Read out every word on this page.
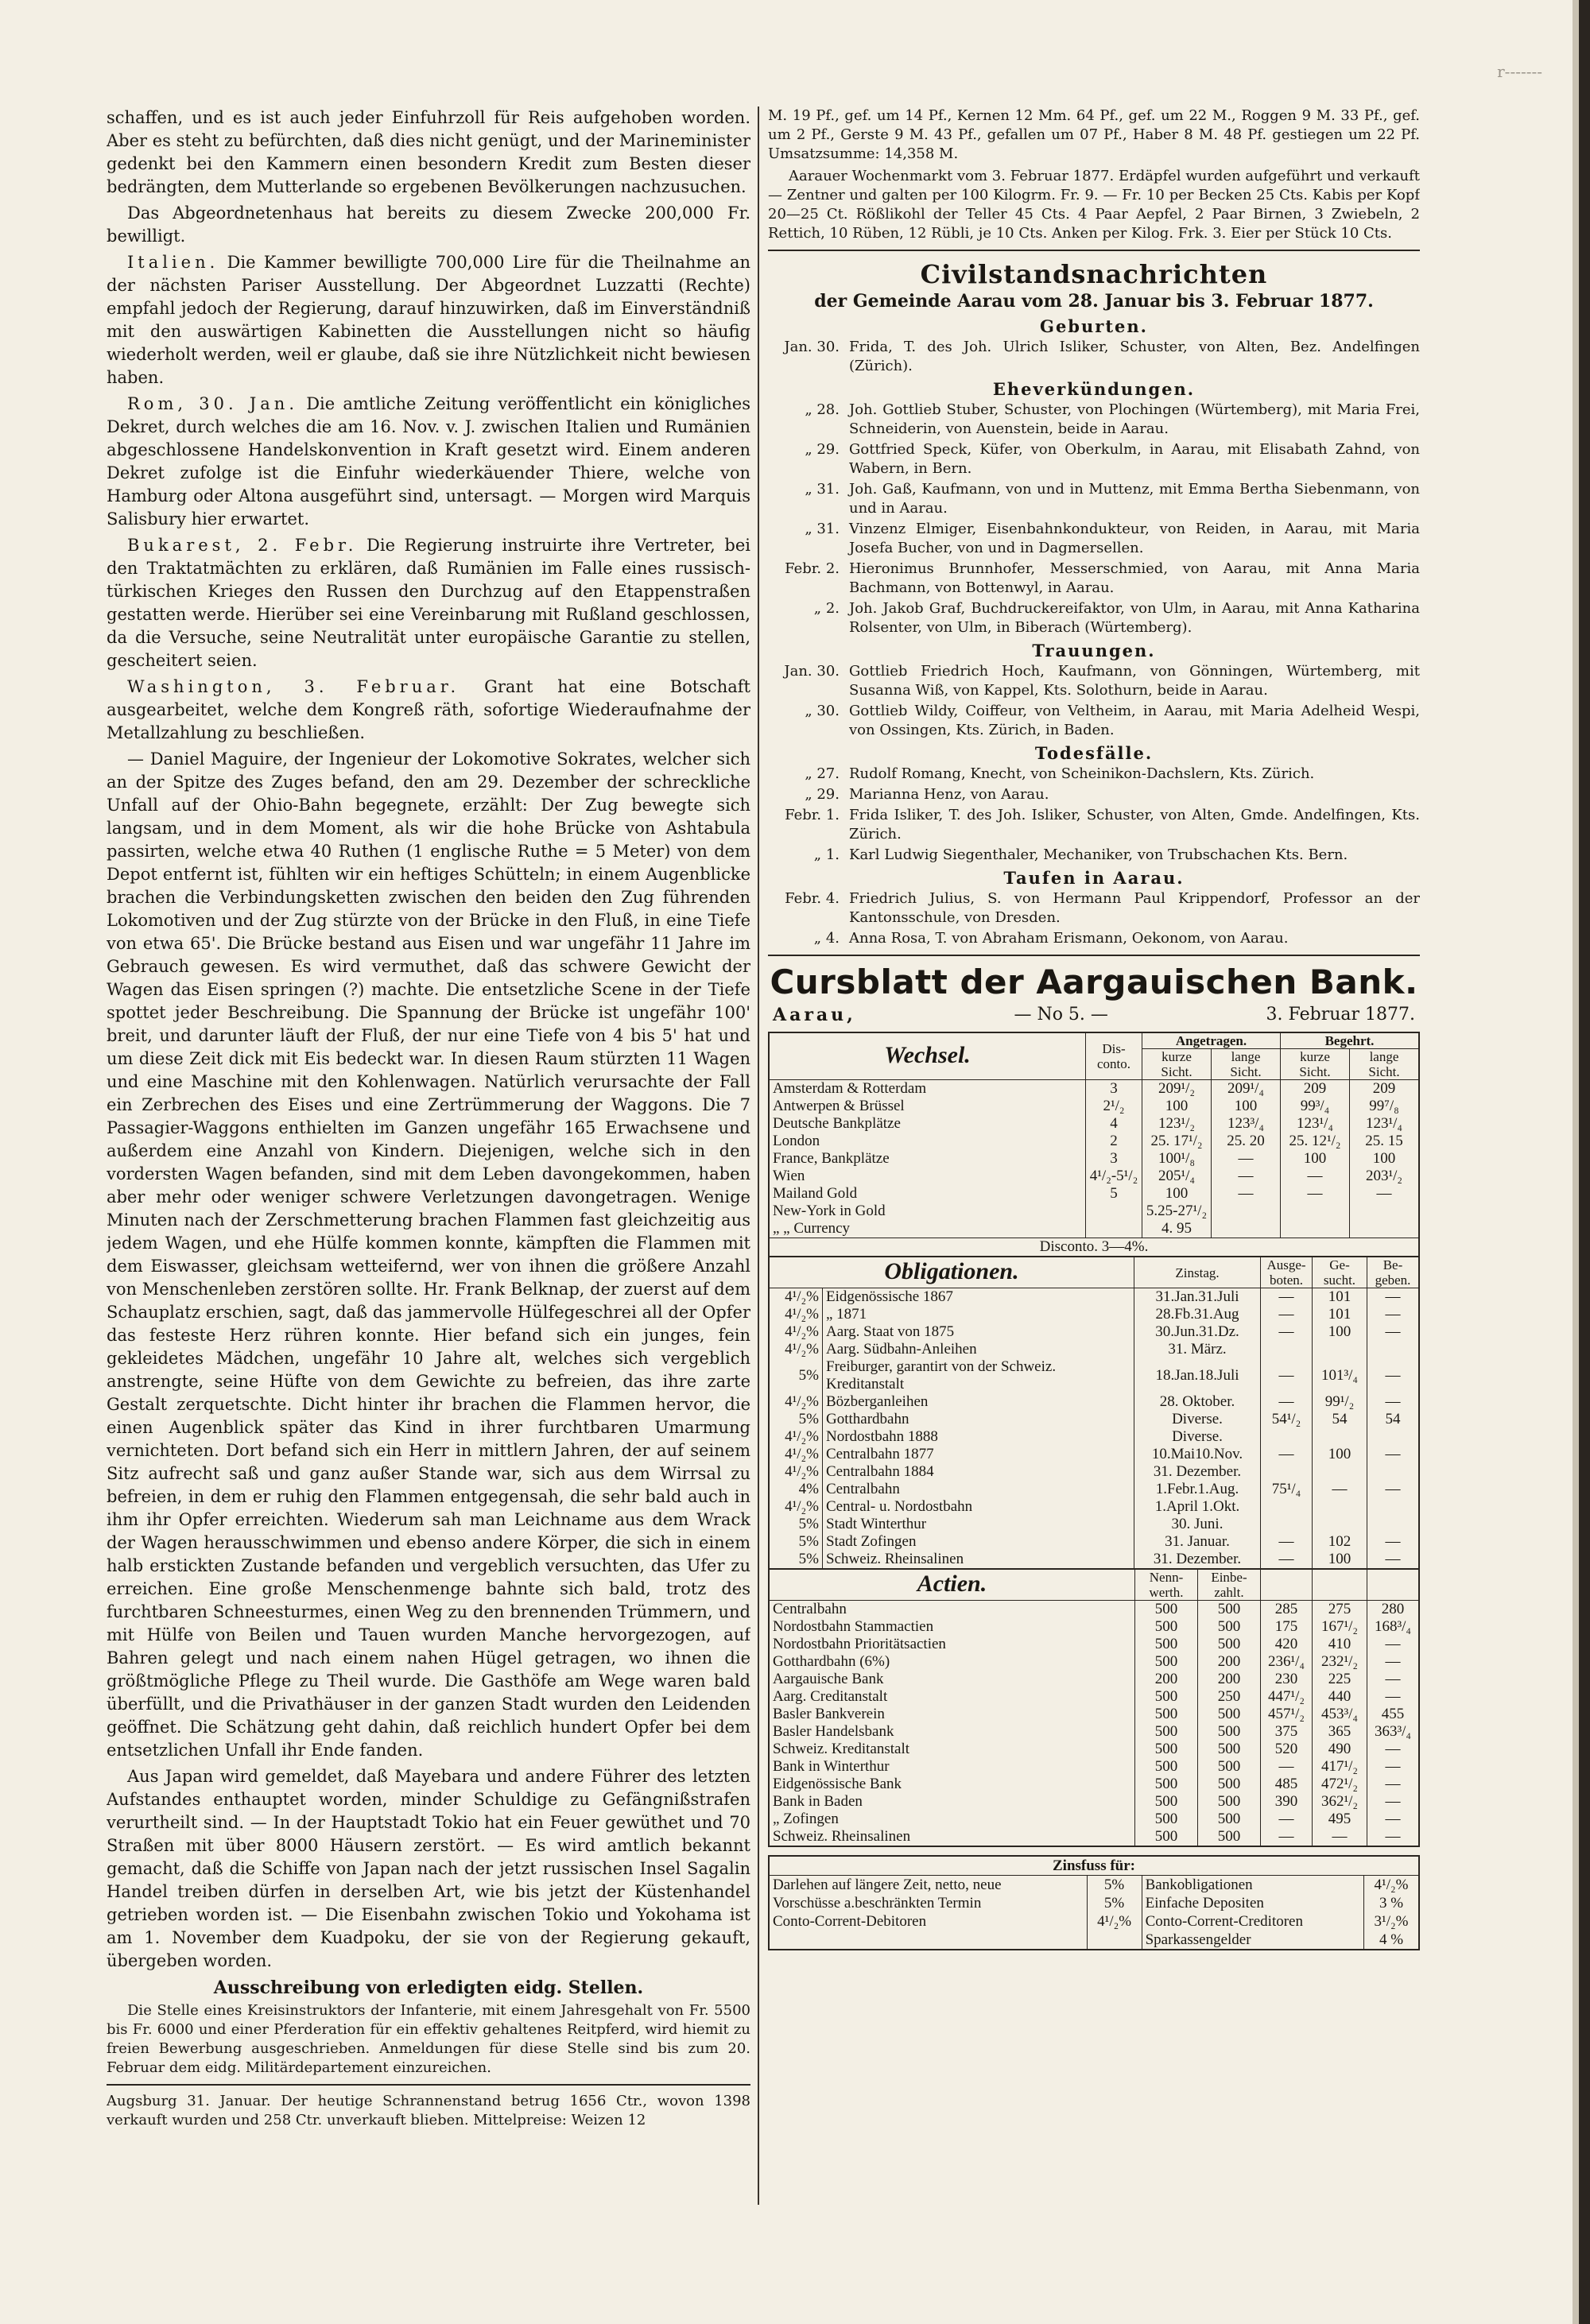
r-------

schaffen, und es ist auch jeder Einfuhrzoll für Reis aufgehoben worden. Aber es steht zu befürchten, daß dies nicht genügt, und der Marineminister gedenkt bei den Kammern einen besondern Kredit zum Besten dieser bedrängten, dem Mutterlande so ergebenen Bevölkerungen nachzusuchen.

Das Abgeordnetenhaus hat bereits zu diesem Zwecke 200,000 Fr. bewilligt.

Italien. Die Kammer bewilligte 700,000 Lire für die Theilnahme an der nächsten Pariser Ausstellung. Der Abgeordnet Luzzatti (Rechte) empfahl jedoch der Regierung, darauf hinzuwirken, daß im Einverständniß mit den auswärtigen Kabinetten die Ausstellungen nicht so häufig wiederholt werden, weil er glaube, daß sie ihre Nützlichkeit nicht bewiesen haben.

Rom, 30. Jan. Die amtliche Zeitung veröffentlicht ein königliches Dekret, durch welches die am 16. Nov. v. J. zwischen Italien und Rumänien abgeschlossene Handelskonvention in Kraft gesetzt wird. Einem anderen Dekret zufolge ist die Einfuhr wiederkäuender Thiere, welche von Hamburg oder Altona ausgeführt sind, untersagt. — Morgen wird Marquis Salisbury hier erwartet.

Bukarest, 2. Febr. Die Regierung instruirte ihre Vertreter, bei den Traktatmächten zu erklären, daß Rumänien im Falle eines russisch-türkischen Krieges den Russen den Durchzug auf den Etappenstraßen gestatten werde. Hierüber sei eine Vereinbarung mit Rußland geschlossen, da die Versuche, seine Neutralität unter europäische Garantie zu stellen, gescheitert seien.

Washington, 3. Februar. Grant hat eine Botschaft ausgearbeitet, welche dem Kongreß räth, sofortige Wiederaufnahme der Metallzahlung zu beschließen.

— Daniel Maguire, der Ingenieur der Lokomotive Sokrates, welcher sich an der Spitze des Zuges befand, den am 29. Dezember der schreckliche Unfall auf der Ohio-Bahn begegnete, erzählt: Der Zug bewegte sich langsam, und in dem Moment, als wir die hohe Brücke von Ashtabula passirten, welche etwa 40 Ruthen (1 englische Ruthe = 5 Meter) von dem Depot entfernt ist, fühlten wir ein heftiges Schütteln; in einem Augenblicke brachen die Verbindungsketten zwischen den beiden den Zug führenden Lokomotiven und der Zug stürzte von der Brücke in den Fluß, in eine Tiefe von etwa 65'. Die Brücke bestand aus Eisen und war ungefähr 11 Jahre im Gebrauch gewesen. Es wird vermuthet, daß das schwere Gewicht der Wagen das Eisen springen (?) machte. Die entsetzliche Scene in der Tiefe spottet jeder Beschreibung. Die Spannung der Brücke ist ungefähr 100' breit, und darunter läuft der Fluß, der nur eine Tiefe von 4 bis 5' hat und um diese Zeit dick mit Eis bedeckt war. In diesen Raum stürzten 11 Wagen und eine Maschine mit den Kohlenwagen. Natürlich verursachte der Fall ein Zerbrechen des Eises und eine Zertrümmerung der Waggons. Die 7 Passagier-Waggons enthielten im Ganzen ungefähr 165 Erwachsene und außerdem eine Anzahl von Kindern. Diejenigen, welche sich in den vordersten Wagen befanden, sind mit dem Leben davongekommen, haben aber mehr oder weniger schwere Verletzungen davongetragen. Wenige Minuten nach der Zerschmetterung brachen Flammen fast gleichzeitig aus jedem Wagen, und ehe Hülfe kommen konnte, kämpften die Flammen mit dem Eiswasser, gleichsam wetteifernd, wer von ihnen die größere Anzahl von Menschenleben zerstören sollte. Hr. Frank Belknap, der zuerst auf dem Schauplatz erschien, sagt, daß das jammervolle Hülfegeschrei all der Opfer das festeste Herz rühren konnte. Hier befand sich ein junges, fein gekleidetes Mädchen, ungefähr 10 Jahre alt, welches sich vergeblich anstrengte, seine Hüfte von dem Gewichte zu befreien, das ihre zarte Gestalt zerquetschte. Dicht hinter ihr brachen die Flammen hervor, die einen Augenblick später das Kind in ihrer furchtbaren Umarmung vernichteten. Dort befand sich ein Herr in mittlern Jahren, der auf seinem Sitz aufrecht saß und ganz außer Stande war, sich aus dem Wirrsal zu befreien, in dem er ruhig den Flammen entgegensah, die sehr bald auch in ihm ihr Opfer erreichten. Wiederum sah man Leichname aus dem Wrack der Wagen herausschwimmen und ebenso andere Körper, die sich in einem halb erstickten Zustande befanden und vergeblich versuchten, das Ufer zu erreichen. Eine große Menschenmenge bahnte sich bald, trotz des furchtbaren Schneesturmes, einen Weg zu den brennenden Trümmern, und mit Hülfe von Beilen und Tauen wurden Manche hervorgezogen, auf Bahren gelegt und nach einem nahen Hügel getragen, wo ihnen die größtmögliche Pflege zu Theil wurde. Die Gasthöfe am Wege waren bald überfüllt, und die Privathäuser in der ganzen Stadt wurden den Leidenden geöffnet. Die Schätzung geht dahin, daß reichlich hundert Opfer bei dem entsetzlichen Unfall ihr Ende fanden.

Aus Japan wird gemeldet, daß Mayebara und andere Führer des letzten Aufstandes enthauptet worden, minder Schuldige zu Gefängnißstrafen verurtheilt sind. — In der Hauptstadt Tokio hat ein Feuer gewüthet und 70 Straßen mit über 8000 Häusern zerstört. — Es wird amtlich bekannt gemacht, daß die Schiffe von Japan nach der jetzt russischen Insel Sagalin Handel treiben dürfen in derselben Art, wie bis jetzt der Küstenhandel getrieben worden ist. — Die Eisenbahn zwischen Tokio und Yokohama ist am 1. November dem Kuadpoku, der sie von der Regierung gekauft, übergeben worden.

Ausschreibung von erledigten eidg. Stellen.

Die Stelle eines Kreisinstruktors der Infanterie, mit einem Jahresgehalt von Fr. 5500 bis Fr. 6000 und einer Pferderation für ein effektiv gehaltenes Reitpferd, wird hiemit zu freien Bewerbung ausgeschrieben. Anmeldungen für diese Stelle sind bis zum 20. Februar dem eidg. Militärdepartement einzureichen.

Augsburg 31. Januar. Der heutige Schrannenstand betrug 1656 Ctr., wovon 1398 verkauft wurden und 258 Ctr. unverkauft blieben. Mittelpreise: Weizen 12

M. 19 Pf., gef. um 14 Pf., Kernen 12 Mm. 64 Pf., gef. um 22 M., Roggen 9 M. 33 Pf., gef. um 2 Pf., Gerste 9 M. 43 Pf., gefallen um 07 Pf., Haber 8 M. 48 Pf. gestiegen um 22 Pf. Umsatzsumme: 14,358 M.

Aarauer Wochenmarkt vom 3. Februar 1877. Erdäpfel wurden aufgeführt und verkauft — Zentner und galten per 100 Kilogrm. Fr. 9. — Fr. 10 per Becken 25 Cts. Kabis per Kopf 20—25 Ct. Rößlikohl der Teller 45 Cts. 4 Paar Aepfel, 2 Paar Birnen, 3 Zwiebeln, 2 Rettich, 10 Rüben, 12 Rübli, je 10 Cts. Anken per Kilog. Frk. 3. Eier per Stück 10 Cts.

Civilstandsnachrichten
der Gemeinde Aarau vom 28. Januar bis 3. Februar 1877.
Geburten.
Jan. 30. Frida, T. des Joh. Ulrich Isliker, Schuster, von Alten, Bez. Andelfingen (Zürich).
Eheverkündungen.
„ 28. Joh. Gottlieb Stuber, Schuster, von Plochingen (Würtemberg), mit Maria Frei, Schneiderin, von Auenstein, beide in Aarau.
„ 29. Gottfried Speck, Küfer, von Oberkulm, in Aarau, mit Elisabath Zahnd, von Wabern, in Bern.
„ 31. Joh. Gaß, Kaufmann, von und in Muttenz, mit Emma Bertha Siebenmann, von und in Aarau.
„ 31. Vinzenz Elmiger, Eisenbahnkondukteur, von Reiden, in Aarau, mit Maria Josefa Bucher, von und in Dagmersellen.
Febr. 2. Hieronimus Brunnhofer, Messerschmied, von Aarau, mit Anna Maria Bachmann, von Bottenwyl, in Aarau.
„ 2. Joh. Jakob Graf, Buchdruckereifaktor, von Ulm, in Aarau, mit Anna Katharina Rolsenter, von Ulm, in Biberach (Würtemberg).
Trauungen.
Jan. 30. Gottlieb Friedrich Hoch, Kaufmann, von Gönningen, Würtemberg, mit Susanna Wiß, von Kappel, Kts. Solothurn, beide in Aarau.
„ 30. Gottlieb Wildy, Coiffeur, von Veltheim, in Aarau, mit Maria Adelheid Wespi, von Ossingen, Kts. Zürich, in Baden.
Todesfälle.
„ 27. Rudolf Romang, Knecht, von Scheinikon-Dachslern, Kts. Zürich.
„ 29. Marianna Henz, von Aarau.
Febr. 1. Frida Isliker, T. des Joh. Isliker, Schuster, von Alten, Gmde. Andelfingen, Kts. Zürich.
„ 1. Karl Ludwig Siegenthaler, Mechaniker, von Trubschachen Kts. Bern.
Taufen in Aarau.
Febr. 4. Friedrich Julius, S. von Hermann Paul Krippendorf, Professor an der Kantonsschule, von Dresden.
„ 4. Anna Rosa, T. von Abraham Erismann, Oekonom, von Aarau.
Cursblatt der Aargauischen Bank.
Aarau,	— No 5. —	3. Februar 1877.
Wechsel.	Dis-conto.	Angetragen.		Begehrt.	
		kurze Sicht.	lange Sicht.	kurze Sicht.	lange Sicht.
Amsterdam & Rotterdam	3	209¹/₂	209¹/₄	209	209
Antwerpen & Brüssel	2¹/₂	100	100	99³/₄	99⁷/₈
Deutsche Bankplätze	4	123¹/₂	123³/₄	123¹/₄	123¹/₄
London	2	25. 17¹/₂	25. 20	25. 12¹/₂	25. 15
France, Bankplätze	3	100¹/₈	—	100	100
Wien	4¹/₂-5¹/₂	205¹/₄	—	—	203¹/₂
Mailand Gold	5	100	—	—	—
New-York in Gold		5.25-27¹/₂			
„ „ Currency		4. 95			
Disconto. 3—4%.					
Obligationen.		Zinstag.	Ausge-boten.	Ge-sucht.	Be-geben.
4¹/₂%	Eidgenössische 1867	31.Jan.31.Juli	—	101	—
4¹/₂%	„ 1871	28.Fb.31.Aug	—	101	—
4¹/₂%	Aarg. Staat von 1875	30.Jun.31.Dz.	—	100	—
4¹/₂%	Aarg. Südbahn-Anleihen	31. März.			
5%	Freiburger, garantirt von der Schweiz. Kreditanstalt	18.Jan.18.Juli	—	101³/₄	—
4¹/₂%	Bözberganleihen	28. Oktober.	—	99¹/₂	—
5%	Gotthardbahn	Diverse.	54¹/₂	54	54
4¹/₂%	Nordostbahn 1888	Diverse.			
4¹/₂%	Centralbahn 1877	10.Mai10.Nov.	—	100	—
4¹/₂%	Centralbahn 1884	31. Dezember.			
4%	Centralbahn	1.Febr.1.Aug.	75¹/₄	—	—
4¹/₂%	Central- u. Nordostbahn	1.April 1.Okt.			
5%	Stadt Winterthur	30. Juni.			
5%	Stadt Zofingen	31. Januar.	—	102	—
5%	Schweiz. Rheinsalinen	31. Dezember.	—	100	—
Actien.	Nenn-werth.	Einbe-zahlt.			
Centralbahn	500	500	285	275	280
Nordostbahn Stammactien	500	500	175	167¹/₂	168³/₄
Nordostbahn Prioritätsactien	500	500	420	410	—
Gotthardbahn (6%)	500	200	236¹/₄	232¹/₂	—
Aargauische Bank	200	200	230	225	—
Aarg. Creditanstalt	500	250	447¹/₂	440	—
Basler Bankverein	500	500	457¹/₂	453³/₄	455
Basler Handelsbank	500	500	375	365	363³/₄
Schweiz. Kreditanstalt	500	500	520	490	—
Bank in Winterthur	500	500	—	417¹/₂	—
Eidgenössische Bank	500	500	485	472¹/₂	—
Bank in Baden	500	500	390	362¹/₂	—
„ Zofingen	500	500	—	495	—
Schweiz. Rheinsalinen	500	500	—	—	—
Zinsfuss für:			
Darlehen auf längere Zeit, netto, neue	5%	Bankobligationen	4¹/₂%
Vorschüsse a.beschränkten Termin	5%	Einfache Depositen	3 %
Conto-Corrent-Debitoren	4¹/₂%	Conto-Corrent-Creditoren	3¹/₂%
		Sparkassengelder	4 %
